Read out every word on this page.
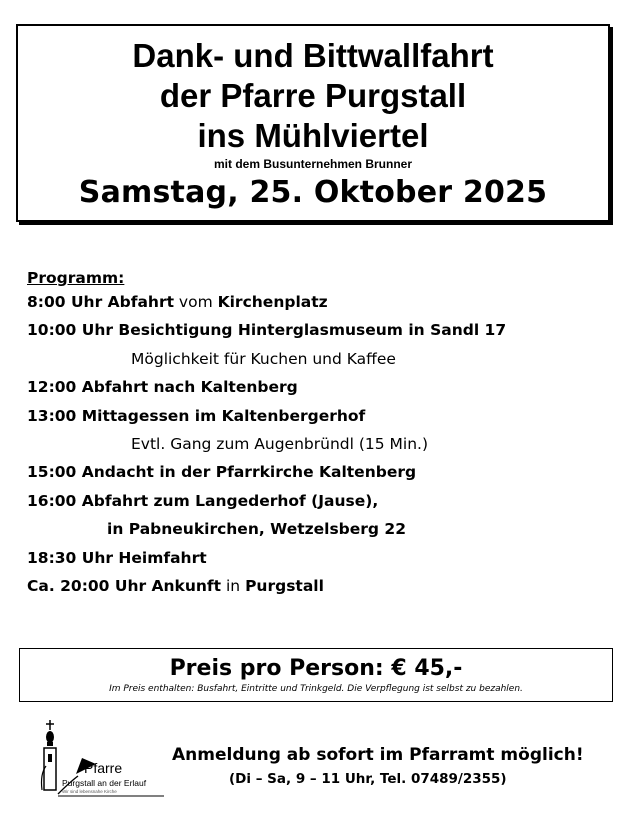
Dank- und Bittwallfahrt
der Pfarre Purgstall
ins Mühlviertel
mit dem Busunternehmen Brunner
Samstag, 25. Oktober 2025
Programm:
8:00 Uhr Abfahrt vom Kirchenplatz
10:00 Uhr Besichtigung Hinterglasmuseum in Sandl 17
Möglichkeit für Kuchen und Kaffee
12:00 Abfahrt nach Kaltenberg
13:00 Mittagessen im Kaltenbergerhof
Evtl. Gang zum Augenbründl (15 Min.)
15:00 Andacht in der Pfarrkirche Kaltenberg
16:00 Abfahrt zum Langederhof (Jause),
in Pabneukirchen, Wetzelsberg 22
18:30 Uhr Heimfahrt
Ca. 20:00 Uhr Ankunft in Purgstall
Preis pro Person: € 45,-
Im Preis enthalten: Busfahrt, Eintritte und Trinkgeld. Die Verpflegung ist selbst zu bezahlen.
Pfarre
Purgstall an der Erlauf
Wir sind lebensnahe Kirche
Anmeldung ab sofort im Pfarramt möglich!
(Di – Sa, 9 – 11 Uhr, Tel. 07489/2355)
